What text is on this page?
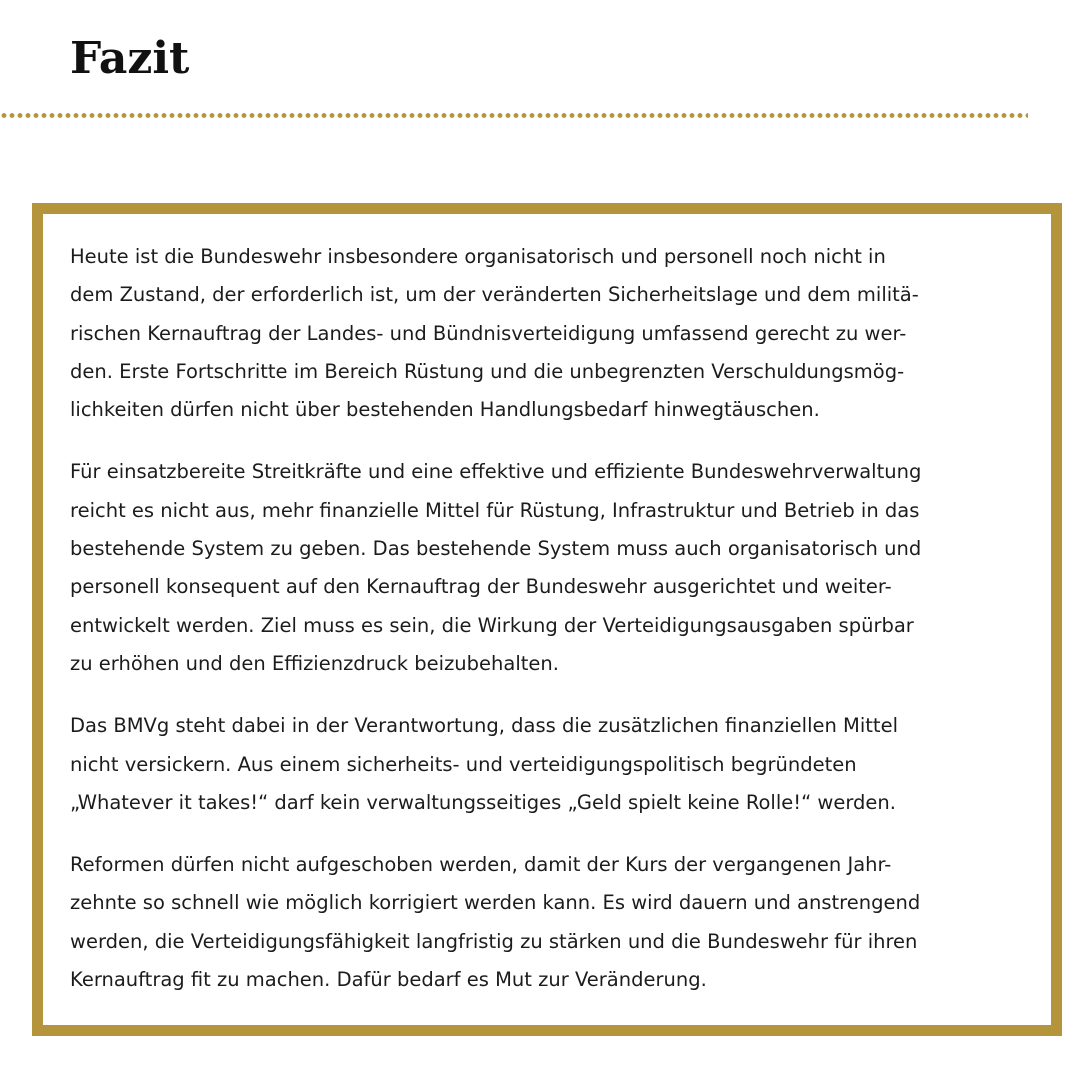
Fazit

Heute ist die Bundeswehr insbesondere organisatorisch und personell noch nicht in
dem Zustand, der erforderlich ist, um der veränderten Sicherheitslage und dem militä-
rischen Kernauftrag der Landes- und Bündnisverteidigung umfassend gerecht zu wer-
den. Erste Fortschritte im Bereich Rüstung und die unbegrenzten Verschuldungsmög-
lichkeiten dürfen nicht über bestehenden Handlungsbedarf hinwegtäuschen.

Für einsatzbereite Streitkräfte und eine effektive und effiziente Bundeswehrverwaltung
reicht es nicht aus, mehr finanzielle Mittel für Rüstung, Infrastruktur und Betrieb in das
bestehende System zu geben. Das bestehende System muss auch organisatorisch und
personell konsequent auf den Kernauftrag der Bundeswehr ausgerichtet und weiter-
entwickelt werden. Ziel muss es sein, die Wirkung der Verteidigungsausgaben spürbar
zu erhöhen und den Effizienzdruck beizubehalten.

Das BMVg steht dabei in der Verantwortung, dass die zusätzlichen finanziellen Mittel
nicht versickern. Aus einem sicherheits- und verteidigungspolitisch begründeten
„Whatever it takes!“ darf kein verwaltungsseitiges „Geld spielt keine Rolle!“ werden.

Reformen dürfen nicht aufgeschoben werden, damit der Kurs der vergangenen Jahr-
zehnte so schnell wie möglich korrigiert werden kann. Es wird dauern und anstrengend
werden, die Verteidigungsfähigkeit langfristig zu stärken und die Bundeswehr für ihren
Kernauftrag fit zu machen. Dafür bedarf es Mut zur Veränderung.
